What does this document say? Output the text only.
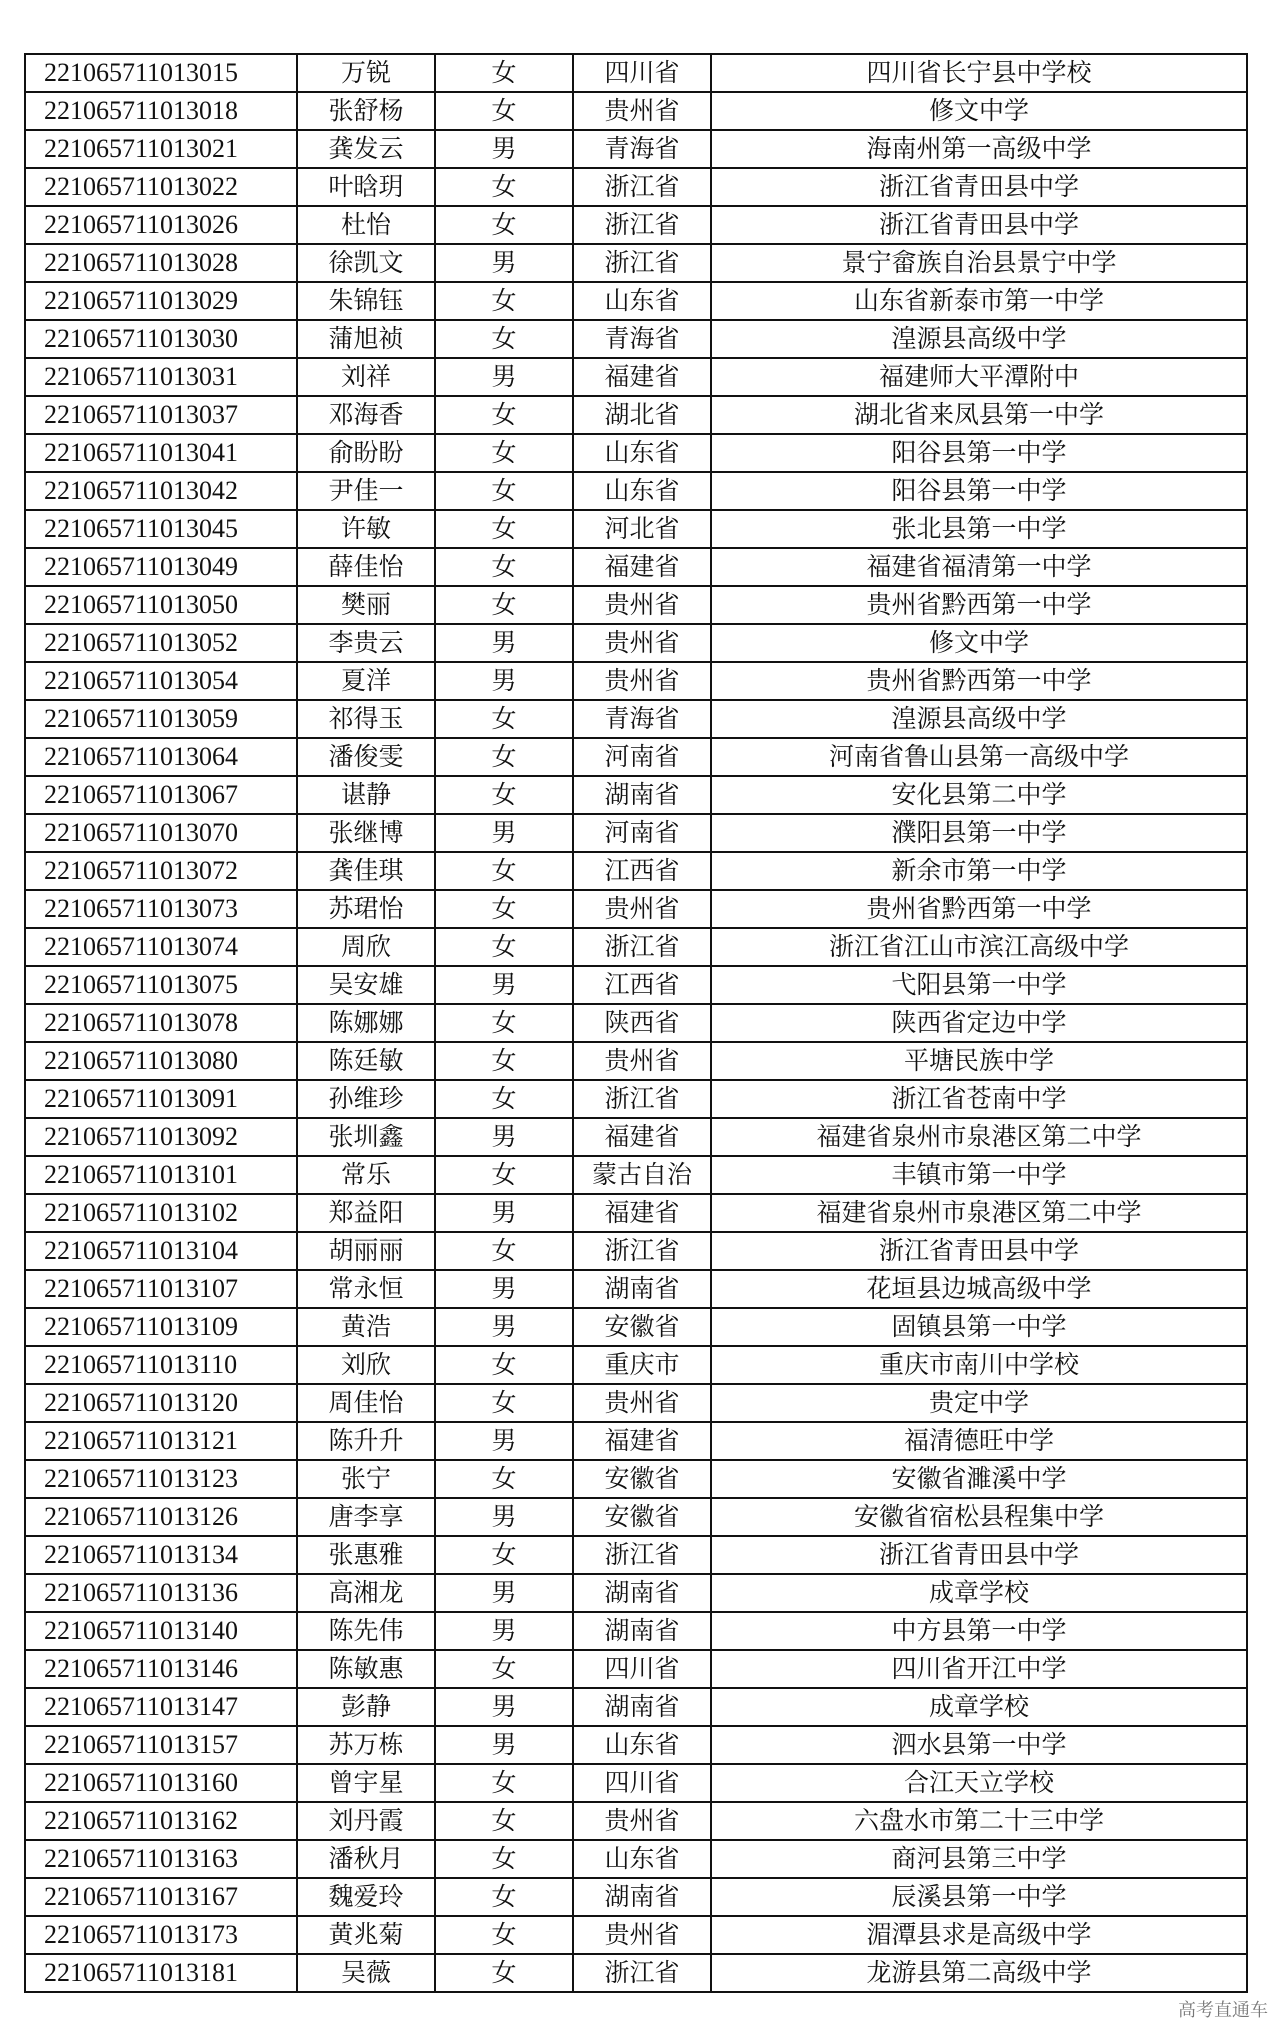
221065711013015	万锐	女	四川省	四川省长宁县中学校
221065711013018	张舒杨	女	贵州省	修文中学
221065711013021	龚发云	男	青海省	海南州第一高级中学
221065711013022	叶晗玥	女	浙江省	浙江省青田县中学
221065711013026	杜怡	女	浙江省	浙江省青田县中学
221065711013028	徐凯文	男	浙江省	景宁畲族自治县景宁中学
221065711013029	朱锦钰	女	山东省	山东省新泰市第一中学
221065711013030	蒲旭祯	女	青海省	湟源县高级中学
221065711013031	刘祥	男	福建省	福建师大平潭附中
221065711013037	邓海香	女	湖北省	湖北省来凤县第一中学
221065711013041	俞盼盼	女	山东省	阳谷县第一中学
221065711013042	尹佳一	女	山东省	阳谷县第一中学
221065711013045	许敏	女	河北省	张北县第一中学
221065711013049	薛佳怡	女	福建省	福建省福清第一中学
221065711013050	樊丽	女	贵州省	贵州省黔西第一中学
221065711013052	李贵云	男	贵州省	修文中学
221065711013054	夏洋	男	贵州省	贵州省黔西第一中学
221065711013059	祁得玉	女	青海省	湟源县高级中学
221065711013064	潘俊雯	女	河南省	河南省鲁山县第一高级中学
221065711013067	谌静	女	湖南省	安化县第二中学
221065711013070	张继博	男	河南省	濮阳县第一中学
221065711013072	龚佳琪	女	江西省	新余市第一中学
221065711013073	苏珺怡	女	贵州省	贵州省黔西第一中学
221065711013074	周欣	女	浙江省	浙江省江山市滨江高级中学
221065711013075	吴安雄	男	江西省	弋阳县第一中学
221065711013078	陈娜娜	女	陕西省	陕西省定边中学
221065711013080	陈廷敏	女	贵州省	平塘民族中学
221065711013091	孙维珍	女	浙江省	浙江省苍南中学
221065711013092	张圳鑫	男	福建省	福建省泉州市泉港区第二中学
221065711013101	常乐	女	蒙古自治	丰镇市第一中学
221065711013102	郑益阳	男	福建省	福建省泉州市泉港区第二中学
221065711013104	胡丽丽	女	浙江省	浙江省青田县中学
221065711013107	常永恒	男	湖南省	花垣县边城高级中学
221065711013109	黄浩	男	安徽省	固镇县第一中学
221065711013110	刘欣	女	重庆市	重庆市南川中学校
221065711013120	周佳怡	女	贵州省	贵定中学
221065711013121	陈升升	男	福建省	福清德旺中学
221065711013123	张宁	女	安徽省	安徽省濉溪中学
221065711013126	唐李享	男	安徽省	安徽省宿松县程集中学
221065711013134	张惠雅	女	浙江省	浙江省青田县中学
221065711013136	高湘龙	男	湖南省	成章学校
221065711013140	陈先伟	男	湖南省	中方县第一中学
221065711013146	陈敏惠	女	四川省	四川省开江中学
221065711013147	彭静	男	湖南省	成章学校
221065711013157	苏万栋	男	山东省	泗水县第一中学
221065711013160	曾宇星	女	四川省	合江天立学校
221065711013162	刘丹霞	女	贵州省	六盘水市第二十三中学
221065711013163	潘秋月	女	山东省	商河县第三中学
221065711013167	魏爱玲	女	湖南省	辰溪县第一中学
221065711013173	黄兆菊	女	贵州省	湄潭县求是高级中学
221065711013181	吴薇	女	浙江省	龙游县第二高级中学
高考直通车
